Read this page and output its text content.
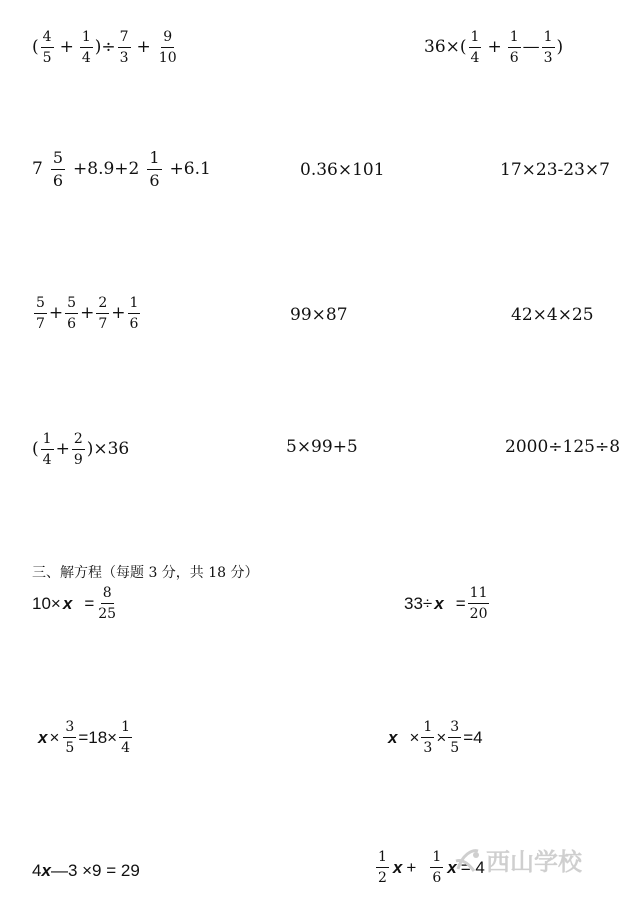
( $\frac{4}{5} + \frac{1}{4}$ )÷ $\frac{7}{3} + \frac{9}{10}$	$36\times( \frac{1}{4} + \frac{1}{6}$ — $\frac{1}{3}$ )
$7 \frac{5}{6} +8.9+2 \frac{1}{6} +6.1$	0.36×101	17×23-23×7
$\frac{5}{7} + \frac{5}{6} + \frac{2}{7} + \frac{1}{6}$	99×87	42×4×25
( $\frac{1}{4} + \frac{2}{9} )\times 36$	5×99+5	2000÷125÷8
三、解方程（每题 3 分，共 18 分）
$10\times x = \frac{8}{25}$	$33\div x = \frac{11}{20}$
$x \times \frac{3}{5} =18\times \frac{1}{4}$	$x \times \frac{1}{3} \times \frac{3}{5} =4$
4 x —3 ×9 = 29	$\frac{1}{2}$ $x + \frac{1}{6}$ x = 4 西山学校
